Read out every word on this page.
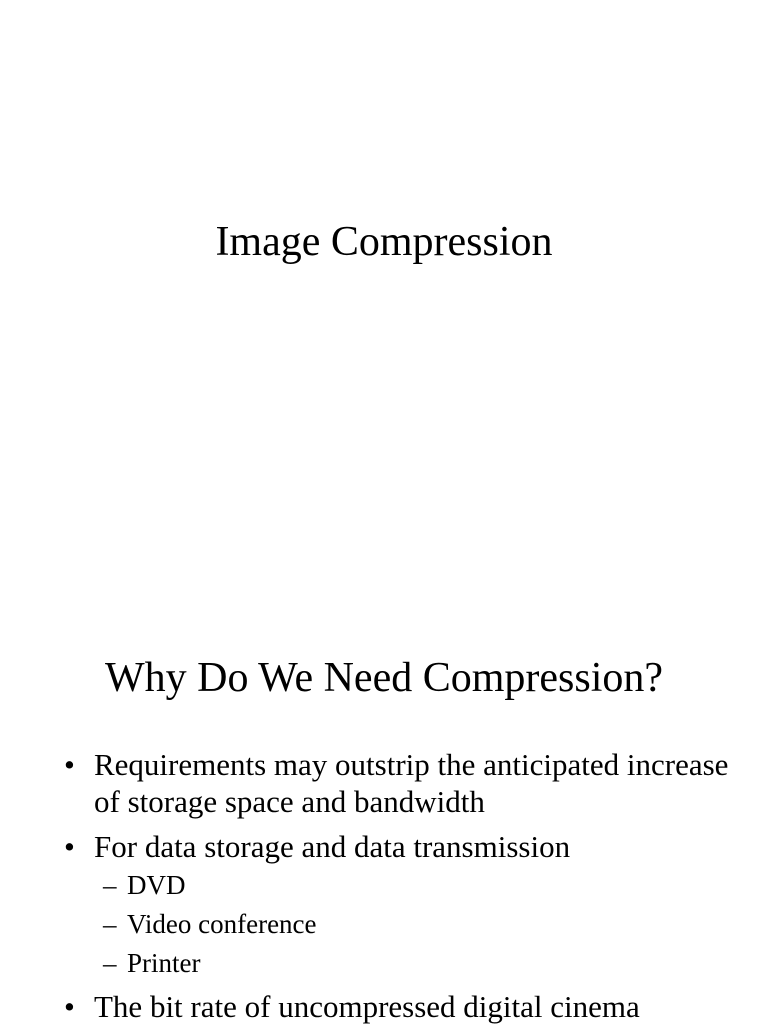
Image Compression
Why Do We Need Compression?
• Requirements may outstrip the anticipated increase of storage space and bandwidth
• For data storage and data transmission
– DVD
– Video conference
– Printer
• The bit rate of uncompressed digital cinema
